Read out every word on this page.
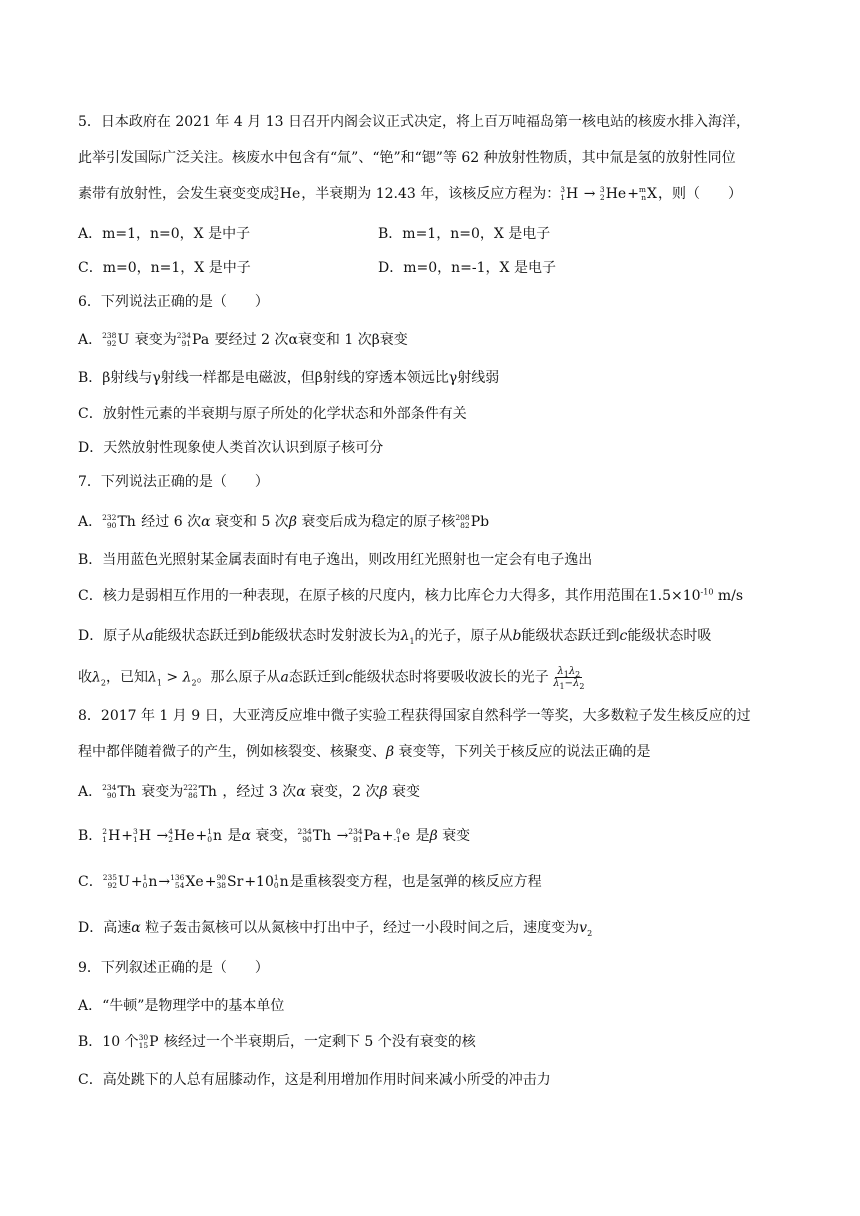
5．日本政府在 2021 年 4 月 13 日召开内阁会议正式决定，将上百万吨福岛第一核电站的核废水排入海洋，
此举引发国际广泛关注。核废水中包含有“氚”、“铯”和“锶”等 62 种放射性物质，其中氚是氢的放射性同位
素带有放射性，会发生衰变变成 3
2 He，半衰期为 12.43 年，该核反应方程为： 3
1 H → 3
2 He+ m
n X，则（　　）
A．m=1，n=0，X 是中子	B．m=1，n=0，X 是电子
C．m=0，n=1，X 是中子	D．m=0，n=-1，X 是电子
6．下列说法正确的是（　　）
A． 238
92 U 衰变为 234
91 Pa 要经过 2 次α衰变和 1 次β衰变
B．β射线与γ射线一样都是电磁波，但β射线的穿透本领远比γ射线弱
C．放射性元素的半衰期与原子所处的化学状态和外部条件有关
D．天然放射性现象使人类首次认识到原子核可分
7．下列说法正确的是（　　）
A． 232
90 Th 经过 6 次α 衰变和 5 次β 衰变后成为稳定的原子核 208
82 Pb
B．当用蓝色光照射某金属表面时有电子逸出，则改用红光照射也一定会有电子逸出
C．核力是弱相互作用的一种表现，在原子核的尺度内，核力比库仑力大得多，其作用范围在$1.5\times 10^{-10}$ m/s
D．原子从a能级状态跃迁到b能级状态时发射波长为$\lambda_1$的光子，原子从b能级状态跃迁到c能级状态时吸
收$\lambda_2$，已知$\lambda_1 > \lambda_2$。那么原子从a态跃迁到c能级状态时将要吸收波长的光子 $\frac{\lambda_1\lambda_2}{\lambda_1-\lambda_2}$
8．2017 年 1 月 9 日，大亚湾反应堆中微子实验工程获得国家自然科学一等奖，大多数粒子发生核反应的过
程中都伴随着微子的产生，例如核裂变、核聚变、β 衰变等，下列关于核反应的说法正确的是
A． 234
90 Th 衰变为 222
86 Th ，经过 3 次α 衰变，2 次β 衰变
B． 2
1 H+ 3
1 H → 4
2 He+ 1
0 n 是α 衰变， 234
90 Th → 234
91 Pa+ 0
-1 e 是β 衰变
C． 235
92 U+ 1
0 n→ 136
54 Xe+ 90
38 Sr+10 1
0 n是重核裂变方程，也是氢弹的核反应方程
D．高速α 粒子轰击氮核可以从氮核中打出中子，经过一小段时间之后，速度变为$v_2$
9．下列叙述正确的是（　　）
A．“牛顿”是物理学中的基本单位
B．10 个 30
15 P 核经过一个半衰期后，一定剩下 5 个没有衰变的核
C．高处跳下的人总有屈膝动作，这是利用增加作用时间来减小所受的冲击力
